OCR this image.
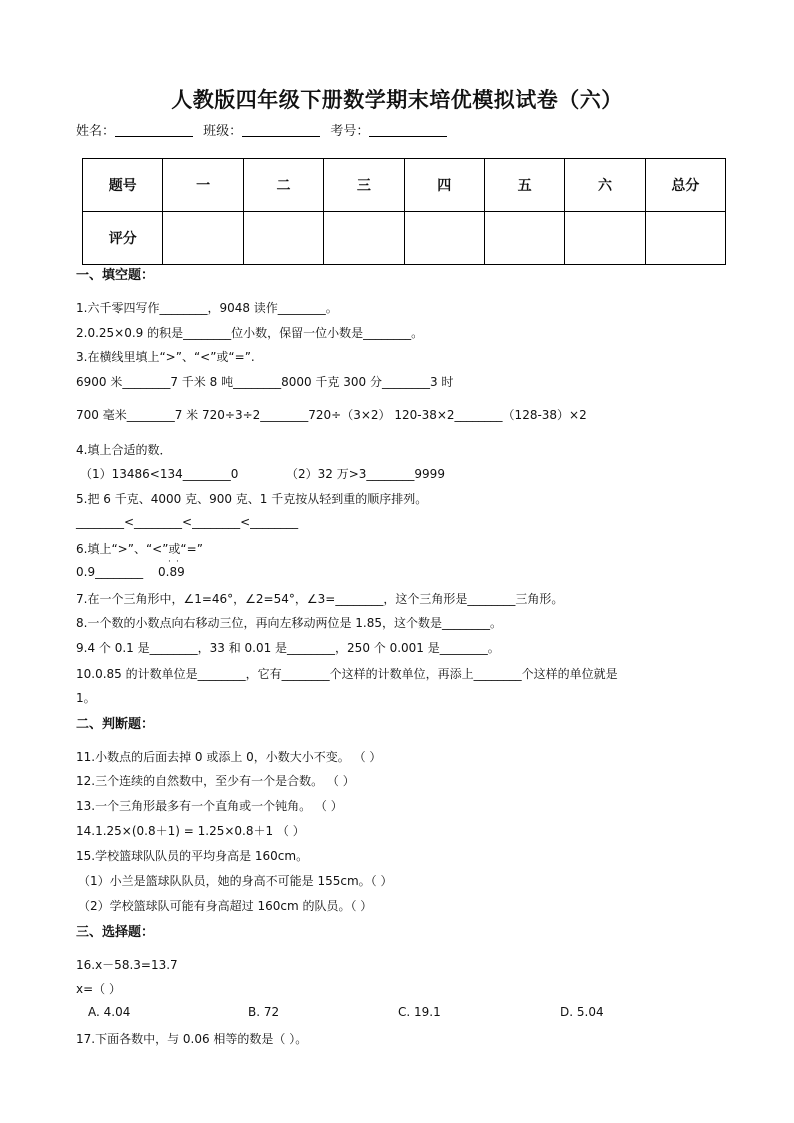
人教版四年级下册数学期末培优模拟试卷（六）
姓名：	班级：	考号：
题号	一	二	三	四	五	六	总分
评分							
一、填空题：
1.六千零四写作________，9048 读作________。
2.0.25×0.9 的积是________位小数，保留一位小数是________。
3.在横线里填上“>”、“<”或“=”.
6900 米________7 千米 8 吨________8000 千克 300 分________3 时
700 毫米________7 米 720÷3÷2________720÷（3×2） 120-38×2________（128-38）×2
4.填上合适的数．
（1）13486<134________0	（2）32 万>3________9999
5.把 6 千克、4000 克、900 克、1 千克按从轻到重的顺序排列。
________<________<________<________
6.填上“>”、“<”或“=”
0.9________
· ·
0.89
7.在一个三角形中，∠1=46°，∠2=54°，∠3=________，这个三角形是________三角形。
8.一个数的小数点向右移动三位，再向左移动两位是 1.85，这个数是________。
9.4 个 0.1 是________，33 和 0.01 是________，250 个 0.001 是________。
10.0.85 的计数单位是________，它有________个这样的计数单位，再添上________个这样的单位就是
1。
二、判断题：
11.小数点的后面去掉 0 或添上 0，小数大小不变。 （ ）
12.三个连续的自然数中，至少有一个是合数。 （ ）
13.一个三角形最多有一个直角或一个钝角。 （ ）
14.1.25×(0.8＋1) = 1.25×0.8＋1 （ ）
15.学校篮球队队员的平均身高是 160cm。
（1）小兰是篮球队队员，她的身高不可能是 155cm。（ ）
（2）学校篮球队可能有身高超过 160cm 的队员。（ ）
三、选择题：
16.x－58.3=13.7
x=（ ）
A. 4.04	B. 72	C. 19.1	D. 5.04
17.下面各数中，与 0.06 相等的数是（ ）。
